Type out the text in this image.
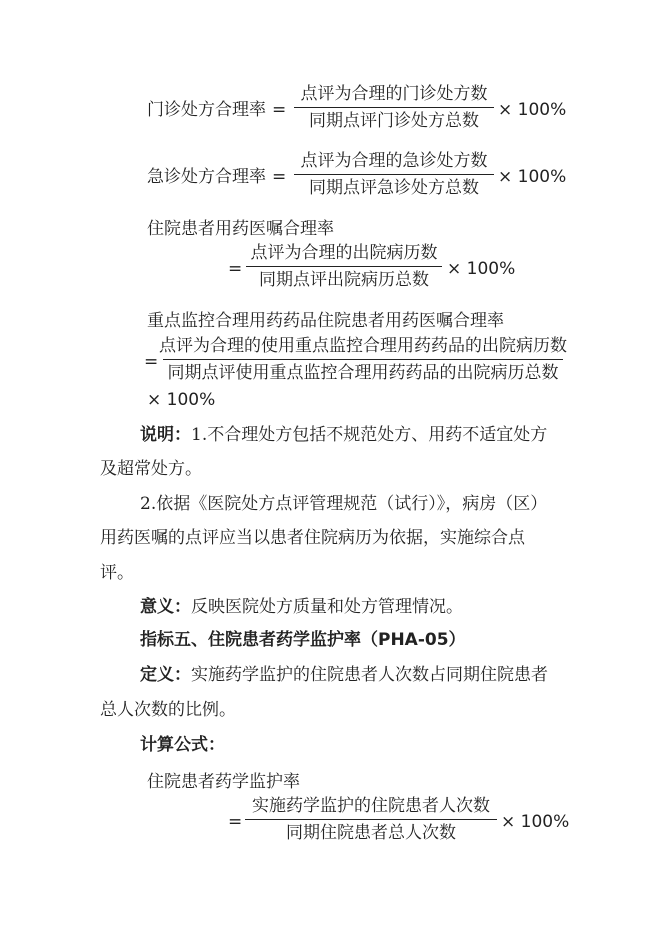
门诊处方合理率 =
点评为合理的门诊处方数
同期点评门诊处方总数
× 100%
急诊处方合理率 =
点评为合理的急诊处方数
同期点评急诊处方总数
× 100%
住院患者用药医嘱合理率
=
点评为合理的出院病历数
同期点评出院病历总数
× 100%
重点监控合理用药药品住院患者用药医嘱合理率
=
点评为合理的使用重点监控合理用药药品的出院病历数
同期点评使用重点监控合理用药药品的出院病历总数
× 100%
说明：1.不合理处方包括不规范处方、用药不适宜处方
及超常处方。
2.依据《医院处方点评管理规范（试行）》，病房（区）
用药医嘱的点评应当以患者住院病历为依据，实施综合点
评。
意义：反映医院处方质量和处方管理情况。
指标五、住院患者药学监护率（PHA-05）
定义：实施药学监护的住院患者人次数占同期住院患者
总人次数的比例。
计算公式：
住院患者药学监护率
=
实施药学监护的住院患者人次数
同期住院患者总人次数
× 100%
